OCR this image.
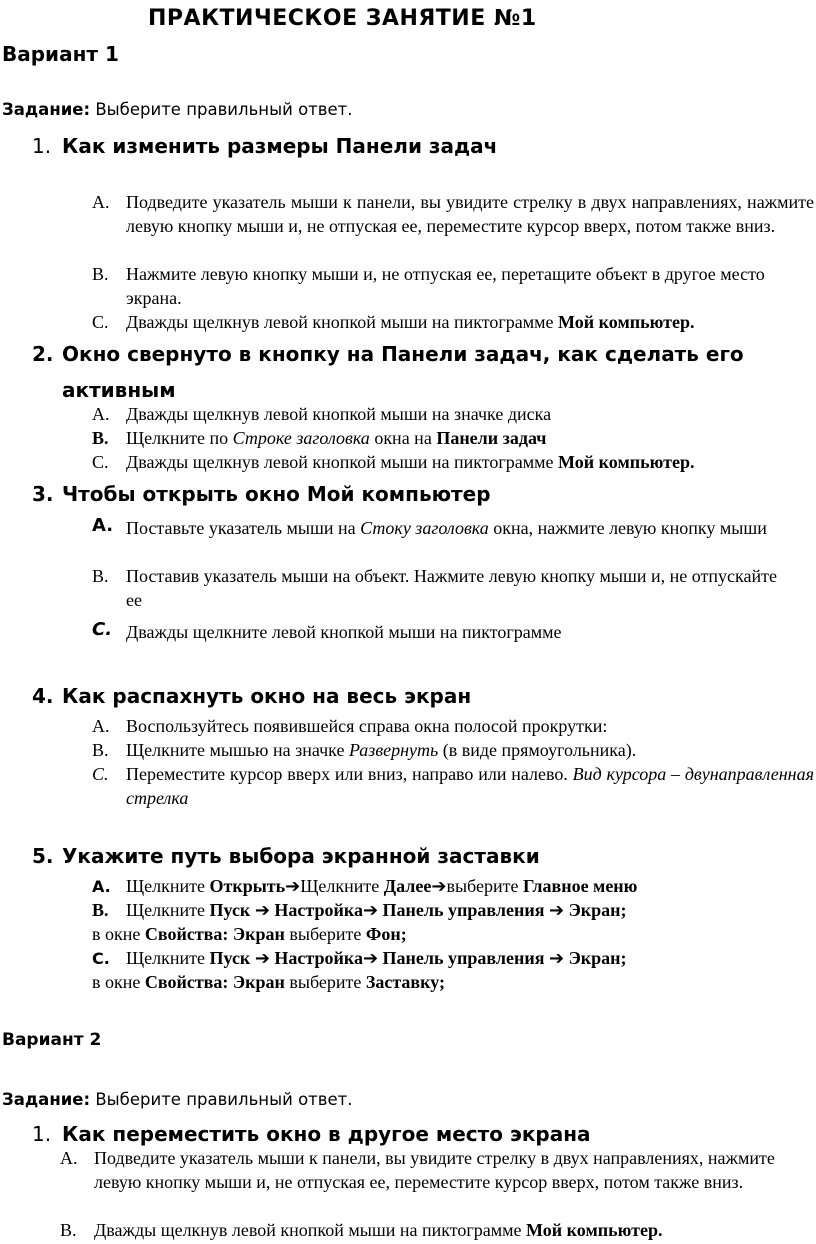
ПРАКТИЧЕСКОЕ ЗАНЯТИЕ №1
Вариант 1
Задание: Выберите правильный ответ.
1. Как изменить размеры Панели задач
A. Подведите указатель мыши к панели, вы увидите стрелку в двух направлениях, нажмите левую кнопку мыши и, не отпуская ее, переместите курсор вверх, потом также вниз.
B. Нажмите левую кнопку мыши и, не отпуская ее, перетащите объект в другое место экрана.
C. Дважды щелкнув левой кнопкой мыши на пиктограмме Мой компьютер.
2. Окно свернуто в кнопку на Панели задач, как сделать его активным
A. Дважды щелкнув левой кнопкой мыши на значке диска
B. Щелкните по Строке заголовка окна на Панели задач
C. Дважды щелкнув левой кнопкой мыши на пиктограмме Мой компьютер.
3. Чтобы открыть окно Мой компьютер
A. Поставьте указатель мыши на Стоку заголовка окна, нажмите левую кнопку мыши
B. Поставив указатель мыши на объект. Нажмите левую кнопку мыши и, не отпускайте ее
C. Дважды щелкните левой кнопкой мыши на пиктограмме
4. Как распахнуть окно на весь экран
A. Воспользуйтесь появившейся справа окна полосой прокрутки:
B. Щелкните мышью на значке Развернуть (в виде прямоугольника).
C. Переместите курсор вверх или вниз, направо или налево. Вид курсора – двунаправленная стрелка
5. Укажите путь выбора экранной заставки
A. Щелкните Открыть➔Щелкните Далее➔выберите Главное меню
B. Щелкните Пуск ➔ Настройка➔ Панель управления ➔ Экран;
в окне Свойства: Экран выберите Фон;
C. Щелкните Пуск ➔ Настройка➔ Панель управления ➔ Экран;
в окне Свойства: Экран выберите Заставку;
Вариант 2
Задание: Выберите правильный ответ.
1. Как переместить окно в другое место экрана
A. Подведите указатель мыши к панели, вы увидите стрелку в двух направлениях, нажмите левую кнопку мыши и, не отпуская ее, переместите курсор вверх, потом также вниз.
B. Дважды щелкнув левой кнопкой мыши на пиктограмме Мой компьютер.
